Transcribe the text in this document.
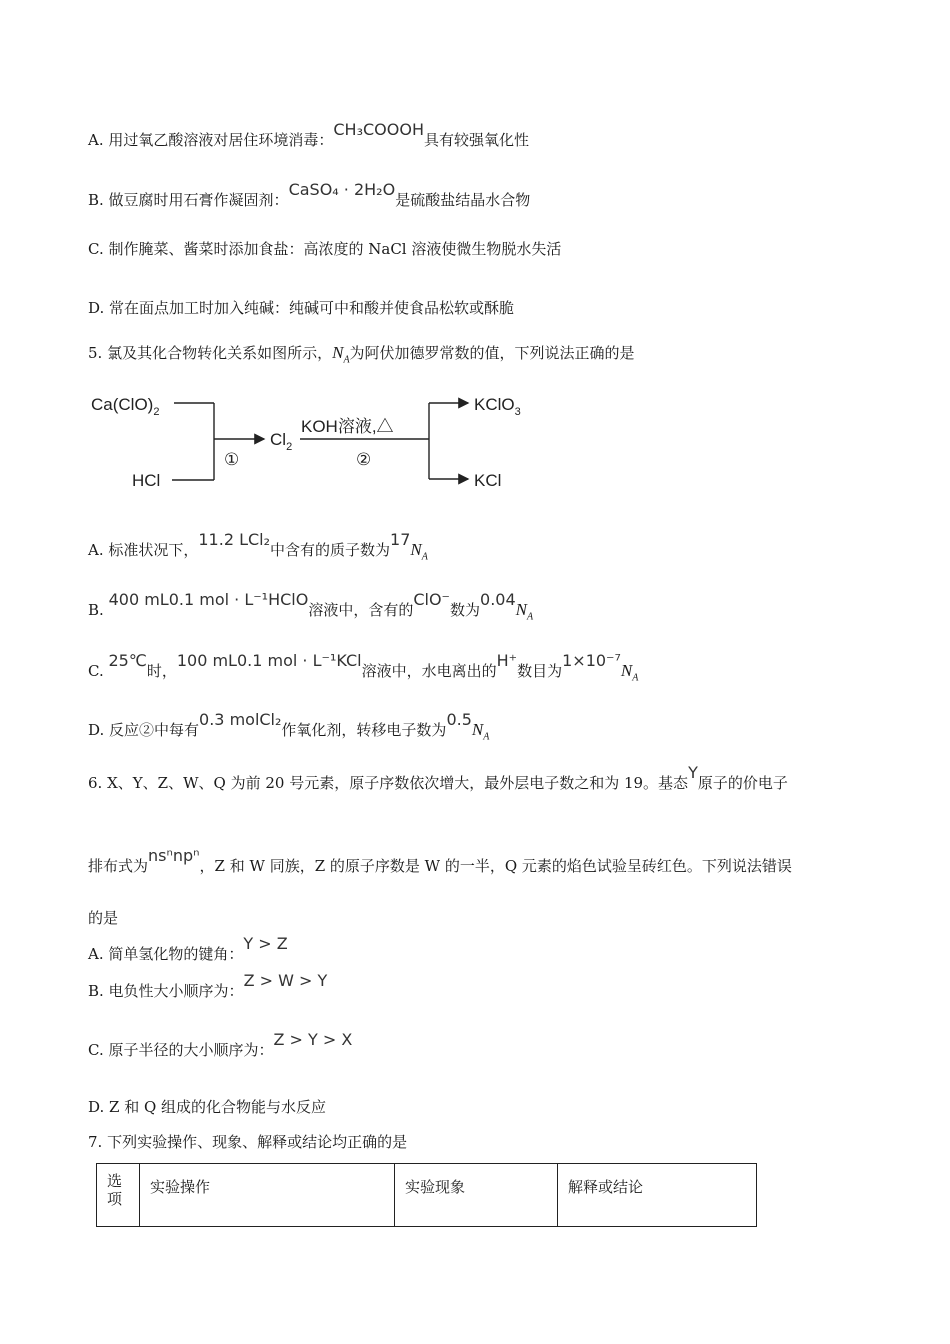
A. 用过氧乙酸溶液对居住环境消毒：CH₃COOOH具有较强氧化性
B. 做豆腐时用石膏作凝固剂：CaSO₄ · 2H₂O是硫酸盐结晶水合物
C. 制作腌菜、酱菜时添加食盐：高浓度的 NaCl 溶液使微生物脱水失活
D. 常在面点加工时加入纯碱：纯碱可中和酸并使食品松软或酥脆
5. 氯及其化合物转化关系如图所示，$N_A$为阿伏加德罗常数的值，下列说法正确的是
$Ca(ClO)_2$
HCl
①
$Cl_2$
KOH溶液,△
②
KClO$_3$
KCl
A. 标准状况下，11.2 LCl₂中含有的质子数为$17N_A$
B. 400 mL0.1 mol · L⁻¹HClO溶液中，含有的ClO⁻数为$0.04N_A$
C. 25℃时，100 mL0.1 mol · L⁻¹KCl溶液中，水电离出的H⁺数目为$1\times 10^{-7}N_A$
D. 反应②中每有0.3 molCl₂作氧化剂，转移电子数为$0.5N_A$
6. X、Y、Z、W、Q 为前 20 号元素，原子序数依次增大，最外层电子数之和为 19。基态Y原子的价电子
排布式为nsⁿnpⁿ，Z 和 W 同族，Z 的原子序数是 W 的一半，Q 元素的焰色试验呈砖红色。下列说法错误
的是
A. 简单氢化物的键角：Y > Z
B. 电负性大小顺序为：Z > W > Y
C. 原子半径的大小顺序为：Z > Y > X
D. Z 和 Q 组成的化合物能与水反应
7. 下列实验操作、现象、解释或结论均正确的是
选项	实验操作	实验现象	解释或结论
